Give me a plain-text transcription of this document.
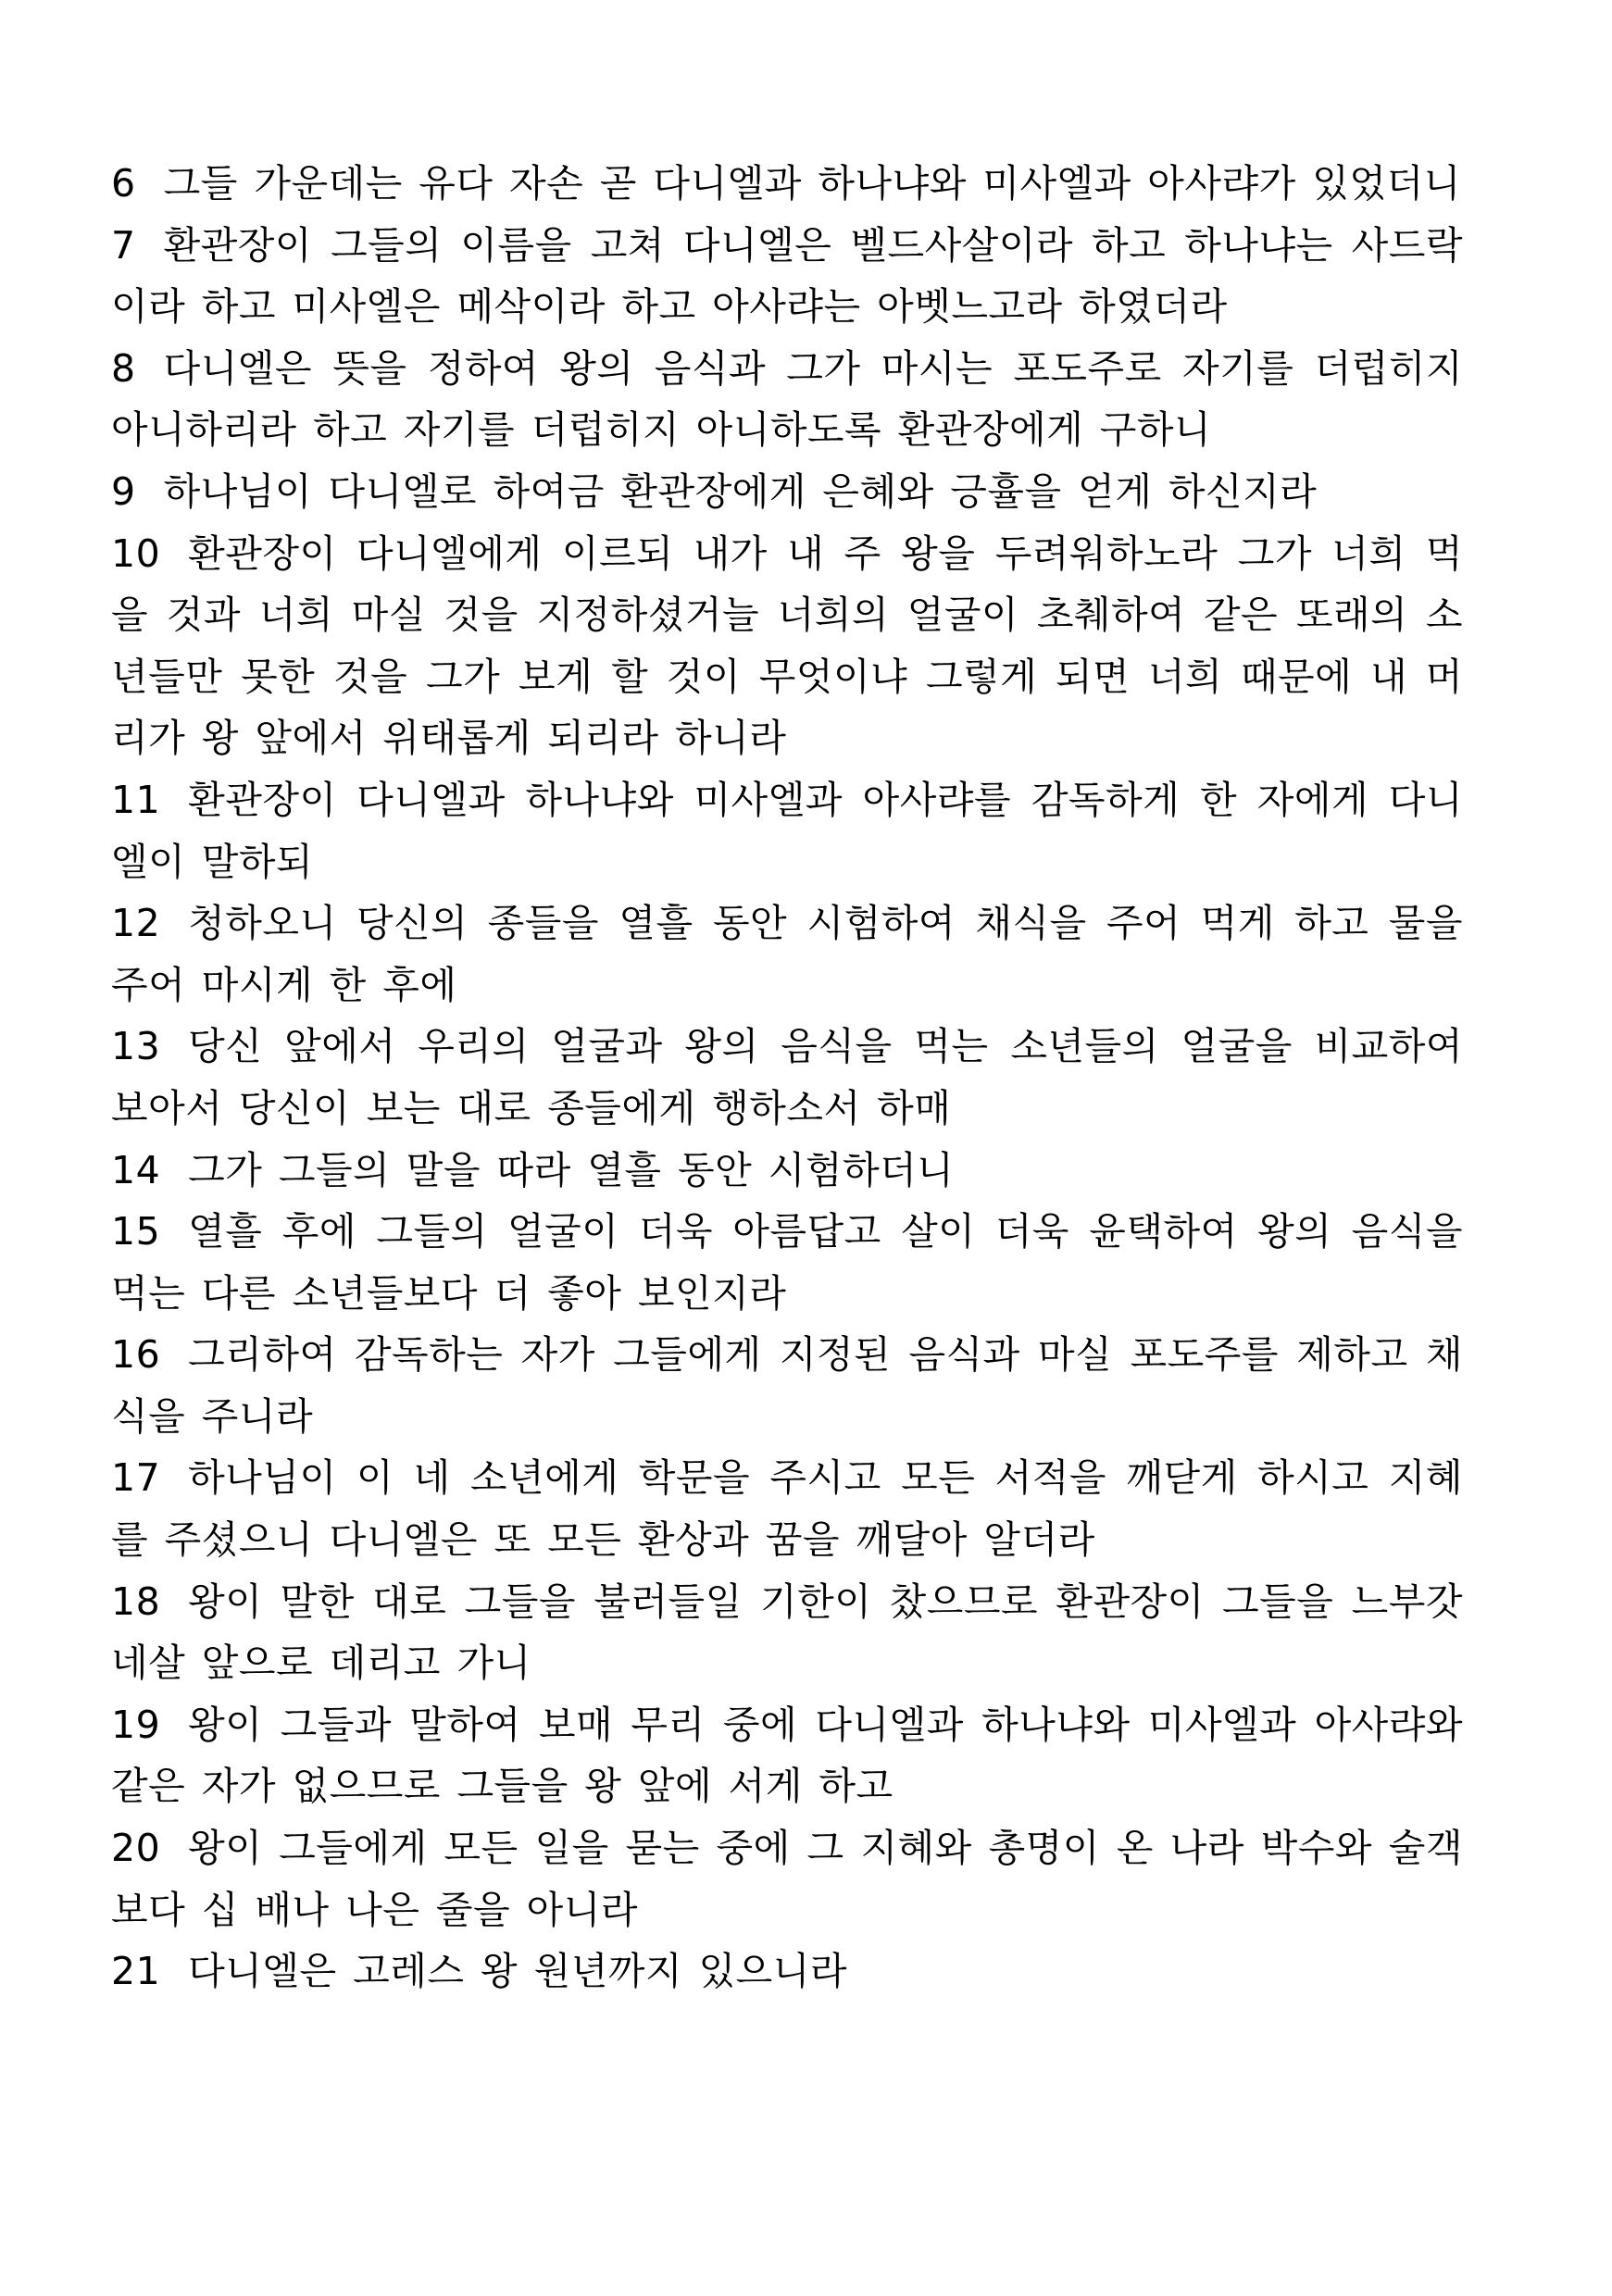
6 그들 가운데는 유다 자손 곧 다니엘과 하나냐와 미사엘과 아사랴가 있었더니

7 환관장이 그들의 이름을 고쳐 다니엘은 벨드사살이라 하고 하나냐는 사드락이라 하고 미사엘은 메삭이라 하고 아사랴는 아벳느고라 하였더라

8 다니엘은 뜻을 정하여 왕의 음식과 그가 마시는 포도주로 자기를 더럽히지 아니하리라 하고 자기를 더럽히지 아니하도록 환관장에게 구하니

9 하나님이 다니엘로 하여금 환관장에게 은혜와 긍휼을 얻게 하신지라

10 환관장이 다니엘에게 이르되 내가 내 주 왕을 두려워하노라 그가 너희 먹을 것과 너희 마실 것을 지정하셨거늘 너희의 얼굴이 초췌하여 같은 또래의 소년들만 못한 것을 그가 보게 할 것이 무엇이냐 그렇게 되면 너희 때문에 내 머리가 왕 앞에서 위태롭게 되리라 하니라

11 환관장이 다니엘과 하나냐와 미사엘과 아사랴를 감독하게 한 자에게 다니엘이 말하되

12 청하오니 당신의 종들을 열흘 동안 시험하여 채식을 주어 먹게 하고 물을 주어 마시게 한 후에

13 당신 앞에서 우리의 얼굴과 왕의 음식을 먹는 소년들의 얼굴을 비교하여 보아서 당신이 보는 대로 종들에게 행하소서 하매

14 그가 그들의 말을 따라 열흘 동안 시험하더니

15 열흘 후에 그들의 얼굴이 더욱 아름답고 살이 더욱 윤택하여 왕의 음식을 먹는 다른 소년들보다 더 좋아 보인지라

16 그리하여 감독하는 자가 그들에게 지정된 음식과 마실 포도주를 제하고 채식을 주니라

17 하나님이 이 네 소년에게 학문을 주시고 모든 서적을 깨닫게 하시고 지혜를 주셨으니 다니엘은 또 모든 환상과 꿈을 깨달아 알더라

18 왕이 말한 대로 그들을 불러들일 기한이 찼으므로 환관장이 그들을 느부갓네살 앞으로 데리고 가니

19 왕이 그들과 말하여 보매 무리 중에 다니엘과 하나냐와 미사엘과 아사랴와 같은 자가 없으므로 그들을 왕 앞에 서게 하고

20 왕이 그들에게 모든 일을 묻는 중에 그 지혜와 총명이 온 나라 박수와 술객보다 십 배나 나은 줄을 아니라

21 다니엘은 고레스 왕 원년까지 있으니라
